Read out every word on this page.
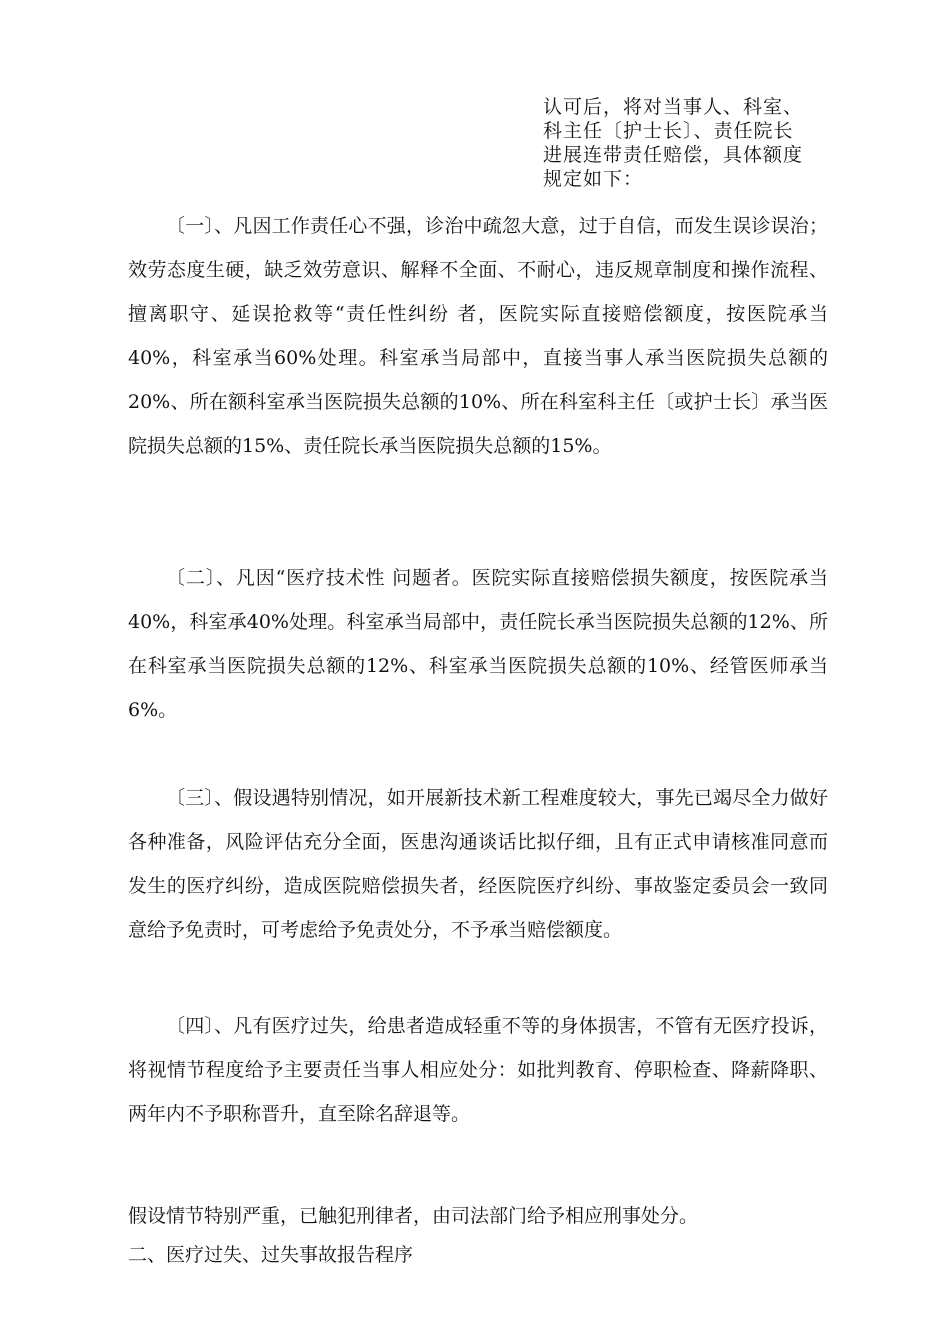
认可后，将对当事人、科室、
科主任〔护士长〕、责任院长
进展连带责任赔偿，具体额度
规定如下：

〔一〕、凡因工作责任心不强，诊治中疏忽大意，过于自信，而发生误诊误治；效劳态度生硬，缺乏效劳意识、解释不全面、不耐心，违反规章制度和操作流程、擅离职守、延误抢救等“责任性纠纷 者，医院实际直接赔偿额度，按医院承当40%，科室承当60%处理。科室承当局部中，直接当事人承当医院损失总额的20%、所在额科室承当医院损失总额的10%、所在科室科主任〔或护士长〕承当医院损失总额的15%、责任院长承当医院损失总额的15%。

〔二〕、凡因“医疗技术性 问题者。医院实际直接赔偿损失额度，按医院承当40%，科室承40%处理。科室承当局部中，责任院长承当医院损失总额的12%、所在科室承当医院损失总额的12%、科室承当医院损失总额的10%、经管医师承当6%。

〔三〕、假设遇特别情况，如开展新技术新工程难度较大，事先已竭尽全力做好各种准备，风险评估充分全面，医患沟通谈话比拟仔细，且有正式申请核准同意而发生的医疗纠纷，造成医院赔偿损失者，经医院医疗纠纷、事故鉴定委员会一致同意给予免责时，可考虑给予免责处分，不予承当赔偿额度。

〔四〕、凡有医疗过失，给患者造成轻重不等的身体损害，不管有无医疗投诉，将视情节程度给予主要责任当事人相应处分：如批判教育、停职检查、降薪降职、两年内不予职称晋升，直至除名辞退等。

假设情节特别严重，已触犯刑律者，由司法部门给予相应刑事处分。

二、医疗过失、过失事故报告程序
